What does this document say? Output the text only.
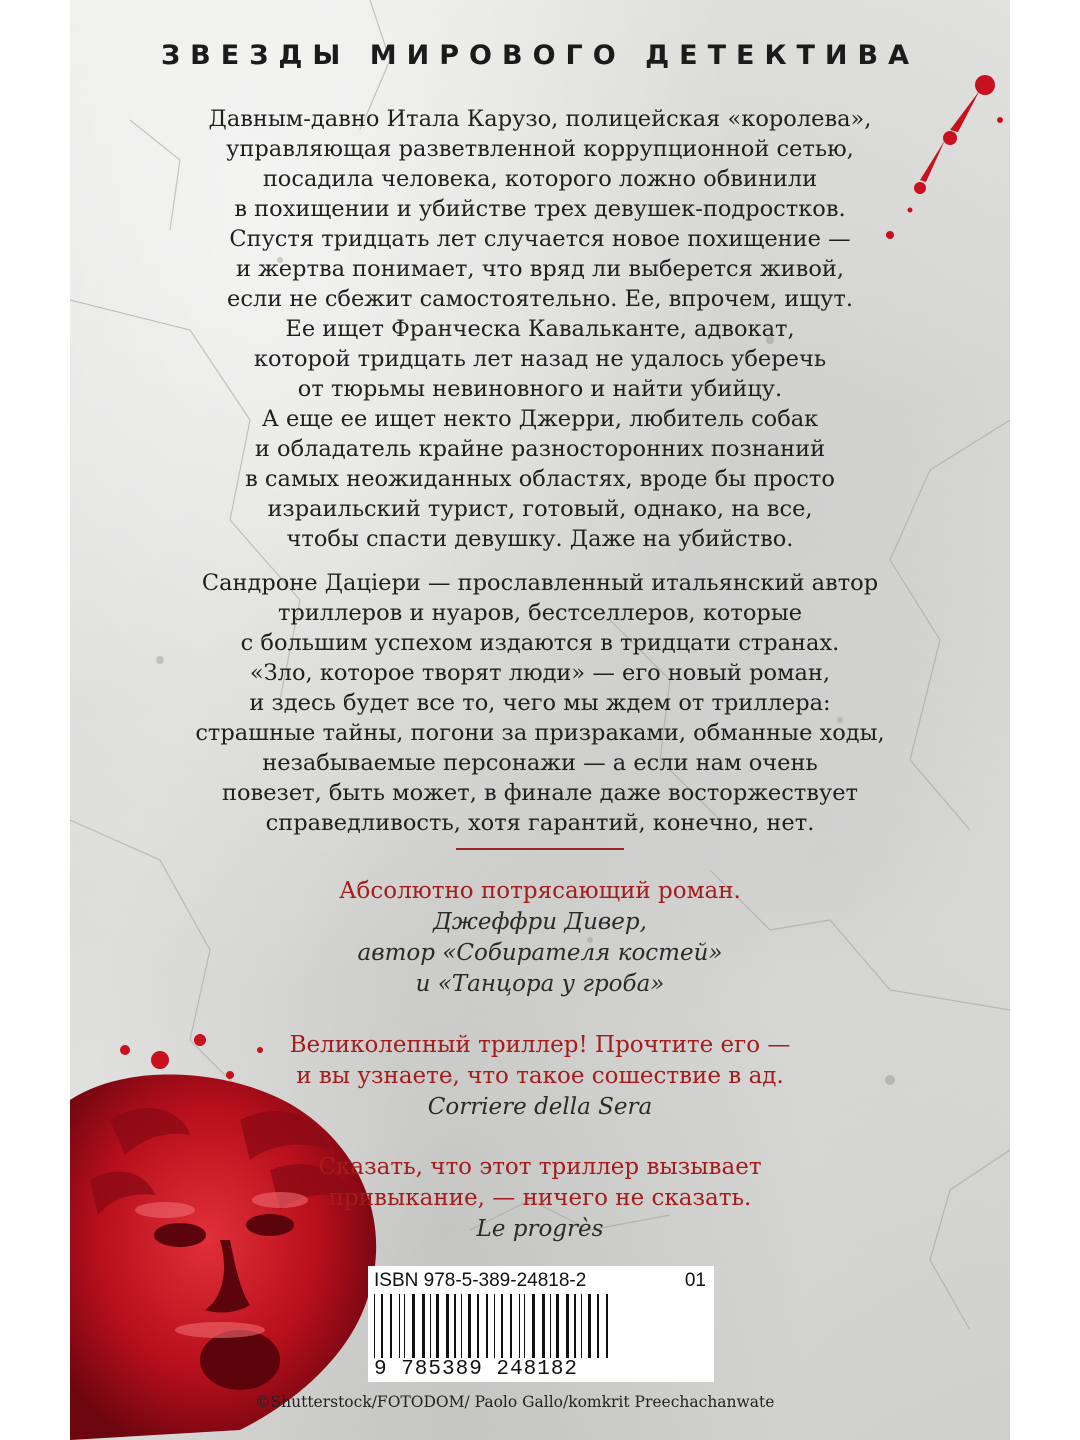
ЗВЕЗДЫ МИРОВОГО ДЕТЕКТИВА
Давным-давно Итала Карузо, полицейская «королева»,
управляющая разветвленной коррупционной сетью,
посадила человека, которого ложно обвинили
в похищении и убийстве трех девушек-подростков.
Спустя тридцать лет случается новое похищение —
и жертва понимает, что вряд ли выберется живой,
если не сбежит самостоятельно. Ее, впрочем, ищут.
Ее ищет Франческа Кавальканте, адвокат,
которой тридцать лет назад не удалось уберечь
от тюрьмы невиновного и найти убийцу.
А еще ее ищет некто Джерри, любитель собак
и обладатель крайне разносторонних познаний
в самых неожиданных областях, вроде бы просто
израильский турист, готовый, однако, на все,
чтобы спасти девушку. Даже на убийство.
Сандроне Дацieри — прославленный итальянский автор
триллеров и нуаров, бестселлеров, которые
с большим успехом издаются в тридцати странах.
«Зло, которое творят люди» — его новый роман,
и здесь будет все то, чего мы ждем от триллера:
страшные тайны, погони за призраками, обманные ходы,
незабываемые персонажи — а если нам очень
повезет, быть может, в финале даже восторжествует
справедливость, хотя гарантий, конечно, нет.
Абсолютно потрясающий роман.
Джеффри Дивер,
автор «Собирателя костей»
и «Танцора у гроба»
Великолепный триллер! Прочтите его —
и вы узнаете, что такое сошествие в ад.
Corriere della Sera
Сказать, что этот триллер вызывает
привыкание, — ничего не сказать.
Le progrès
ISBN 978-5-389-24818-2	01
9 785389 248182
©Shutterstock/FOTODOM/ Paolo Gallo/komkrit Preechachanwate
